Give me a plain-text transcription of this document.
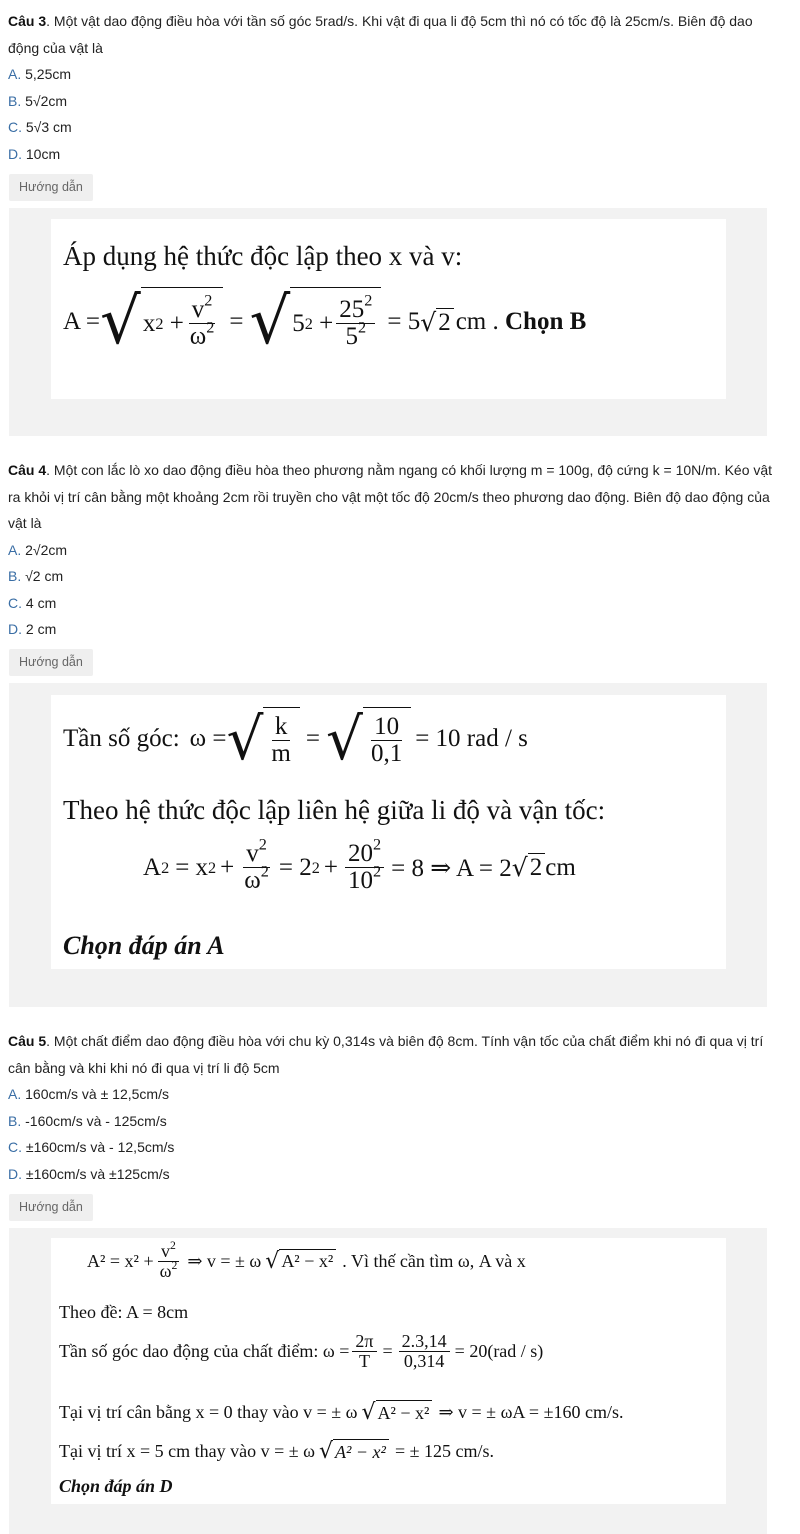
Câu 3. Một vật dao động điều hòa với tần số góc 5rad/s. Khi vật đi qua li độ 5cm thì nó có tốc độ là 25cm/s. Biên độ dao động của vật là

A. 5,25cm

B. 5√2cm

C. 5√3 cm

D. 10cm

Hướng dẫn
Áp dụng hệ thức độc lập theo x và v:
A = √ x 2
+ $\frac{v^2}{\omega^2}$ = √ 5 2
+ $\frac{25^2}{5^2} = 5$ √ 2 cm . Chọn B

Câu 4. Một con lắc lò xo dao động điều hòa theo phương nằm ngang có khối lượng m = 100g, độ cứng k = 10N/m. Kéo vật ra khỏi vị trí cân bằng một khoảng 2cm rồi truyền cho vật một tốc độ 20cm/s theo phương dao động. Biên độ dao động của vật là

A. 2√2cm

B. √2 cm

C. 4 cm

D. 2 cm

Hướng dẫn
Tần số góc: ω = √ $\frac{k}{m}$ = √ $\frac{10}{0,1} = 10$ rad / s
Theo hệ thức độc lập liên hệ giữa li độ và vận tốc:
A 2 = x $2 + \frac{v^2}{\omega^2} = 2$ $2 + \frac{20^2}{10^2} = 8$ ⇒ A = 2 √ 2 cm
Chọn đáp án A

Câu 5. Một chất điểm dao động điều hòa với chu kỳ 0,314s và biên độ 8cm. Tính vận tốc của chất điểm khi nó đi qua vị trí cân bằng và khi khi nó đi qua vị trí li độ 5cm

A. 160cm/s và ± 12,5cm/s

B. -160cm/s và - 125cm/s

C. ±160cm/s và - 12,5cm/s

D. ±160cm/s và ±125cm/s

Hướng dẫn
$A^2 = x^2 + \frac{v^2}{\omega^2}$ ⇒ v = ± ω √ A² − x² . Vì thế cần tìm ω, A và x
Theo đề: A = 8cm
Tần số góc dao động của chất điểm: $\omega = \frac{2\pi}{T} = \frac{2.3,14}{0,314} = 20(rad / s)$
Tại vị trí cân bằng x = 0 thay vào v = ± ω √ A² − x² ⇒ v = ± ωA = ±160 cm/s.
Tại vị trí x = 5 cm thay vào v = ± ω √ A² − x² = ± 125 cm/s.
Chọn đáp án D
